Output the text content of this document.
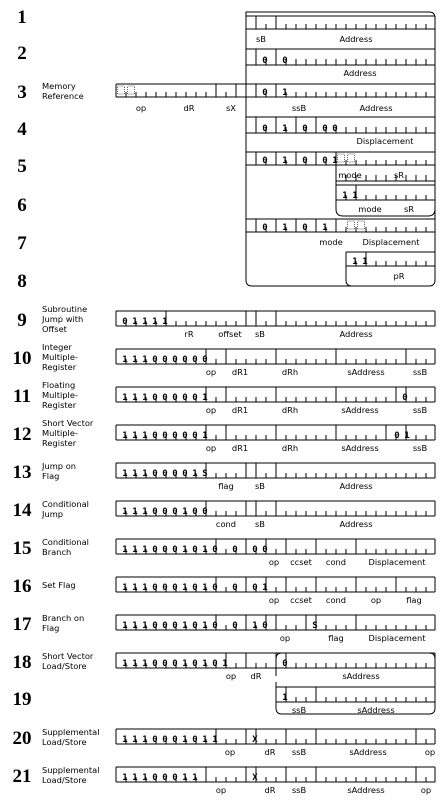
1
sB	Address
2	0 0
Address
3 Memory
Reference	0 1
op	dR	sX	ssB	Address
4	0 1 0 0 0
Displacement
5	0 1 0 0 1
mode	sR
6	1 1
mode	sR
7
0 1 0 1
mode Displacement
8
1 1
pR
9
Subroutine
Jump with
Offset
0 1 1 1 1
rR	offset sB	Address
10
Integer
Multiple-
Register
1 1 1 0 0 0 0 0 0
op dR1	dRh	sAddress	ssB
11
Floating
Multiple-
Register
1 1 1 0 0 0 0 0 1	0
op dR1	dRh	sAddress	ssB
12
Short Vector
Multiple-
Register
1 1 1 0 0 0 0 0 1	0 1
op dR1	dRh	sAddress	ssB
13 Jump on
Flag	1 1 1 0 0 0 0 1 S
flag	sB	Address
14 Conditional
Jump	1 1 1 0 0 0 1 0 0
cond sB	Address
15 Conditional
Branch	1 1 1 0 0 0 1 0 1 0 0 0 0
op ccset cond	Displacement
16 Set Flag	1 1 1 0 0 0 1 0 1 0 0 0 1
op ccset cond	op	flag
17 Branch on
Flag	1 1 1 0 0 0 1 0 1 0 0 1 0	S
op	flag	Displacement
18 Short Vector
Load/Store	1 1 1 0 0 0 1 0 1 0 1	0
op dR	sAddress
19	1
ssB	sAddress
20 Supplemental
Load/Store	1 1 1 0 0 0 1 0 1 1	X
op	dR ssB	sAddress	op
21 Supplemental
Load/Store	1 1 1 0 0 0 1 1	X
op	dR ssB	sAddress	op
